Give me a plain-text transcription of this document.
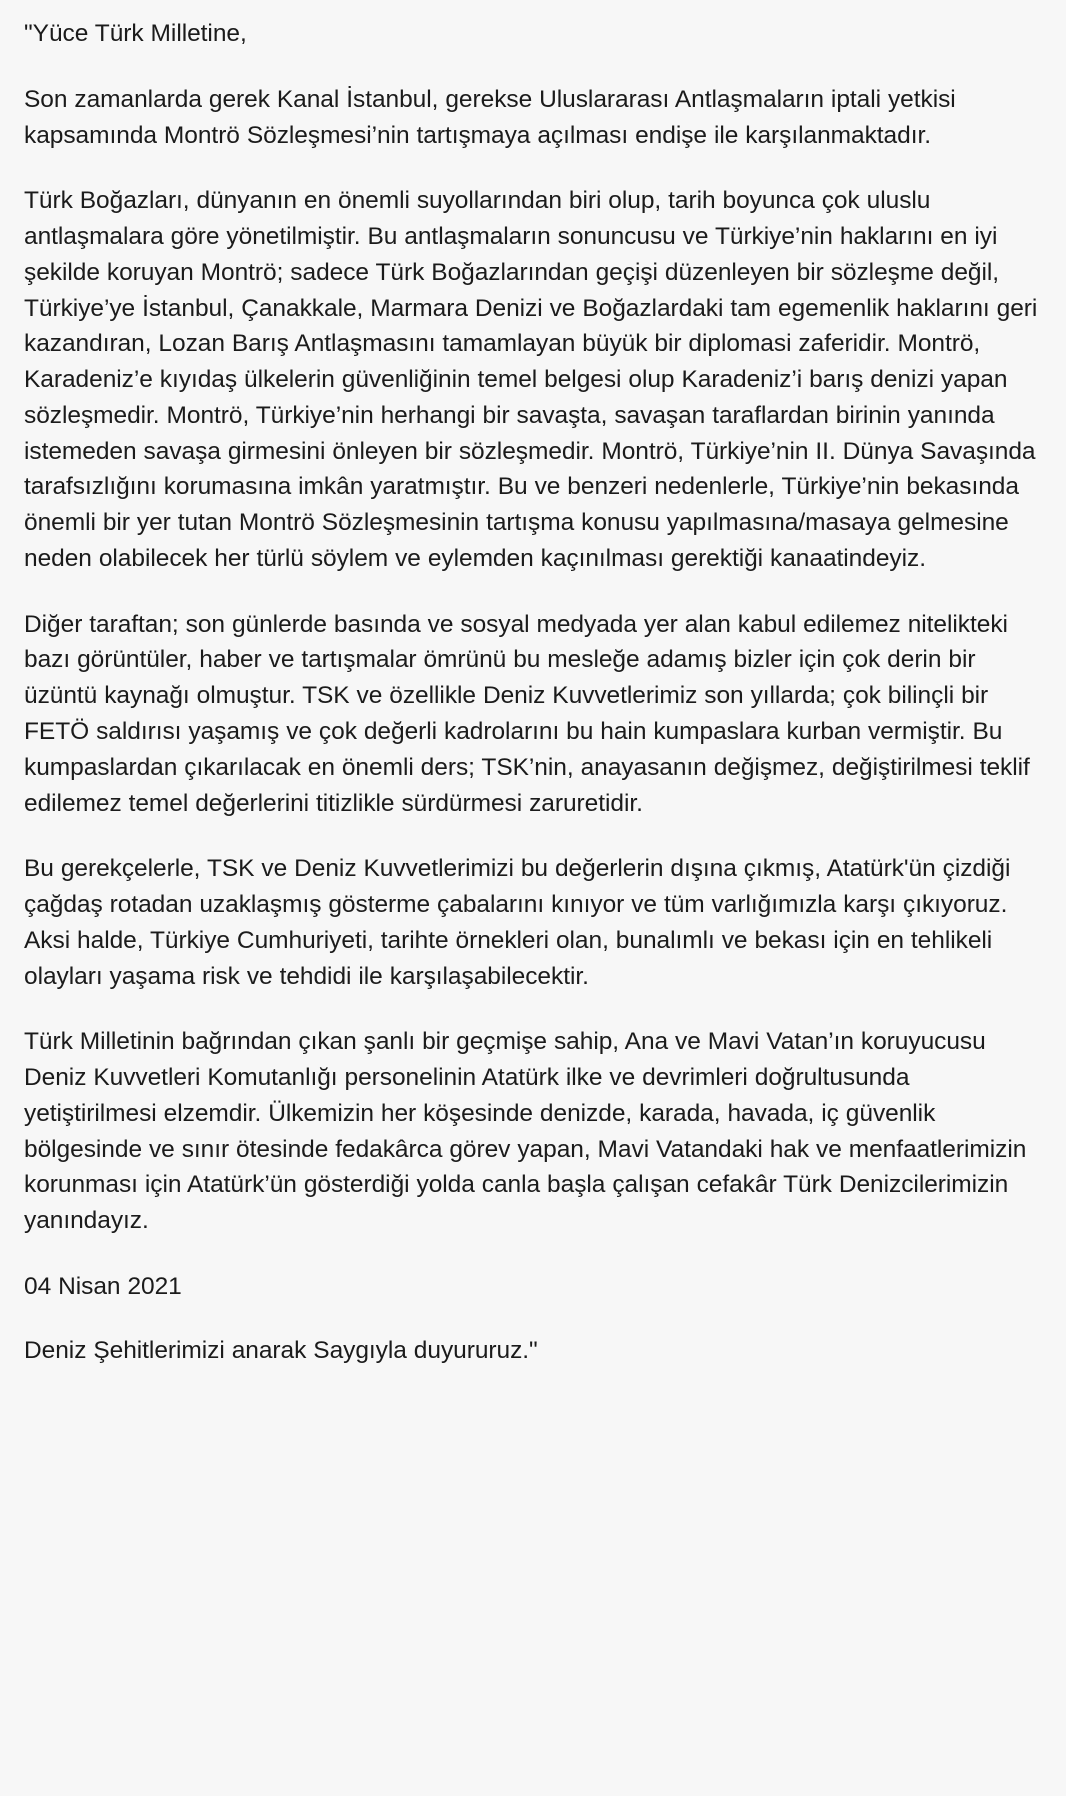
"Yüce Türk Milletine,

Son zamanlarda gerek Kanal İstanbul, gerekse Uluslararası Antlaşmaların iptali yetkisi kapsamında Montrö Sözleşmesi’nin tartışmaya açılması endişe ile karşılanmaktadır.

Türk Boğazları, dünyanın en önemli suyollarından biri olup, tarih boyunca çok uluslu antlaşmalara göre yönetilmiştir. Bu antlaşmaların sonuncusu ve Türkiye’nin haklarını en iyi şekilde koruyan Montrö; sadece Türk Boğazlarından geçişi düzenleyen bir sözleşme değil, Türkiye’ye İstanbul, Çanakkale, Marmara Denizi ve Boğazlardaki tam egemenlik haklarını geri kazandıran, Lozan Barış Antlaşmasını tamamlayan büyük bir diplomasi zaferidir. Montrö, Karadeniz’e kıyıdaş ülkelerin güvenliğinin temel belgesi olup Karadeniz’i barış denizi yapan sözleşmedir. Montrö, Türkiye’nin herhangi bir savaşta, savaşan taraflardan birinin yanında istemeden savaşa girmesini önleyen bir sözleşmedir. Montrö, Türkiye’nin II. Dünya Savaşında tarafsızlığını korumasına imkân yaratmıştır. Bu ve benzeri nedenlerle, Türkiye’nin bekasında önemli bir yer tutan Montrö Sözleşmesinin tartışma konusu yapılmasına/masaya gelmesine neden olabilecek her türlü söylem ve eylemden kaçınılması gerektiği kanaatindeyiz.

Diğer taraftan; son günlerde basında ve sosyal medyada yer alan kabul edilemez nitelikteki bazı görüntüler, haber ve tartışmalar ömrünü bu mesleğe adamış bizler için çok derin bir üzüntü kaynağı olmuştur. TSK ve özellikle Deniz Kuvvetlerimiz son yıllarda; çok bilinçli bir FETÖ saldırısı yaşamış ve çok değerli kadrolarını bu hain kumpaslara kurban vermiştir. Bu kumpaslardan çıkarılacak en önemli ders; TSK’nin, anayasanın değişmez, değiştirilmesi teklif edilemez temel değerlerini titizlikle sürdürmesi zaruretidir.

Bu gerekçelerle, TSK ve Deniz Kuvvetlerimizi bu değerlerin dışına çıkmış, Atatürk'ün çizdiği çağdaş rotadan uzaklaşmış gösterme çabalarını kınıyor ve tüm varlığımızla karşı çıkıyoruz. Aksi halde, Türkiye Cumhuriyeti, tarihte örnekleri olan, bunalımlı ve bekası için en tehlikeli olayları yaşama risk ve tehdidi ile karşılaşabilecektir.

Türk Milletinin bağrından çıkan şanlı bir geçmişe sahip, Ana ve Mavi Vatan’ın koruyucusu Deniz Kuvvetleri Komutanlığı personelinin Atatürk ilke ve devrimleri doğrultusunda yetiştirilmesi elzemdir. Ülkemizin her köşesinde denizde, karada, havada, iç güvenlik bölgesinde ve sınır ötesinde fedakârca görev yapan, Mavi Vatandaki hak ve menfaatlerimizin korunması için Atatürk’ün gösterdiği yolda canla başla çalışan cefakâr Türk Denizcilerimizin yanındayız.

04 Nisan 2021

Deniz Şehitlerimizi anarak Saygıyla duyururuz."
